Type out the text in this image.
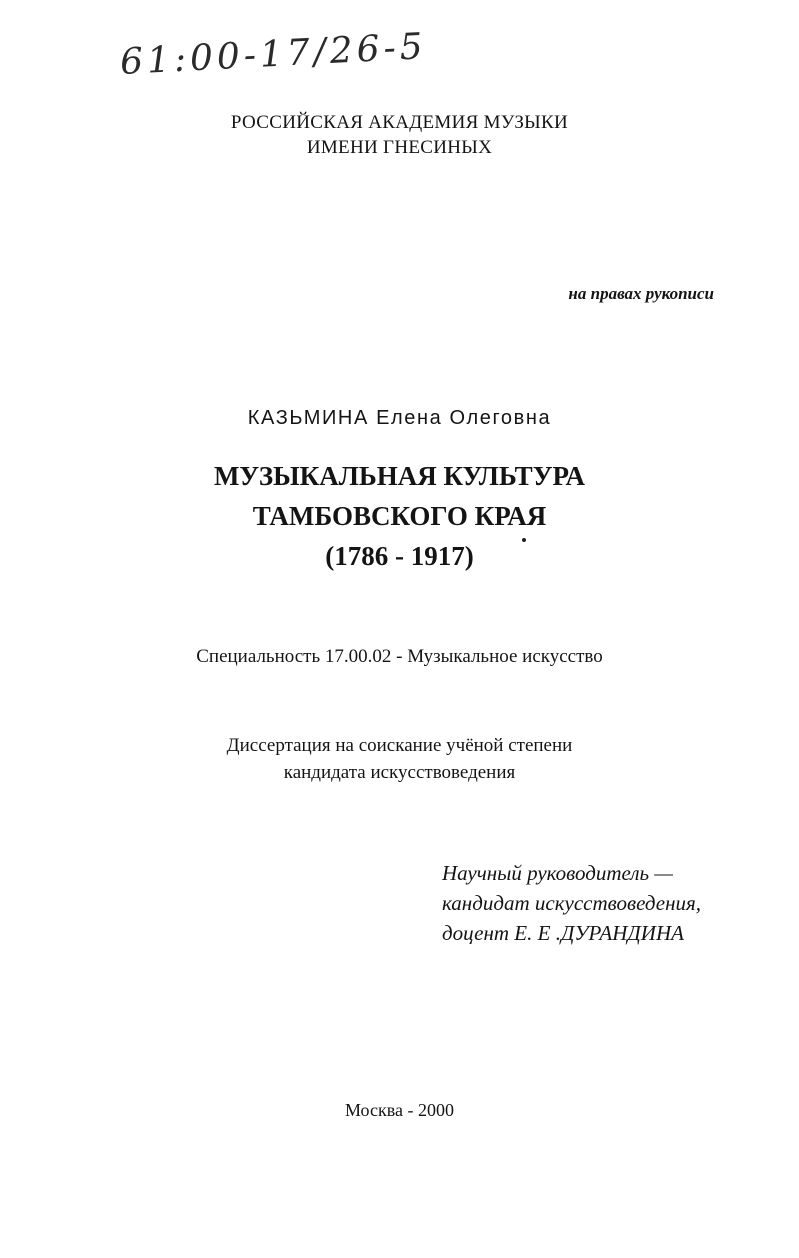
61:00-17/26-5
РОССИЙСКАЯ АКАДЕМИЯ МУЗЫКИ
ИМЕНИ ГНЕСИНЫХ
на правах рукописи
КАЗЬМИНА Елена Олеговна
МУЗЫКАЛЬНАЯ КУЛЬТУРА
ТАМБОВСКОГО КРАЯ
(1786 - 1917)
Специальность 17.00.02 - Музыкальное искусство
Диссертация на соискание учёной степени
кандидата искусствоведения
Научный руководитель —
кандидат искусствоведения,
доцент Е. Е .ДУРАНДИНА
Москва - 2000
